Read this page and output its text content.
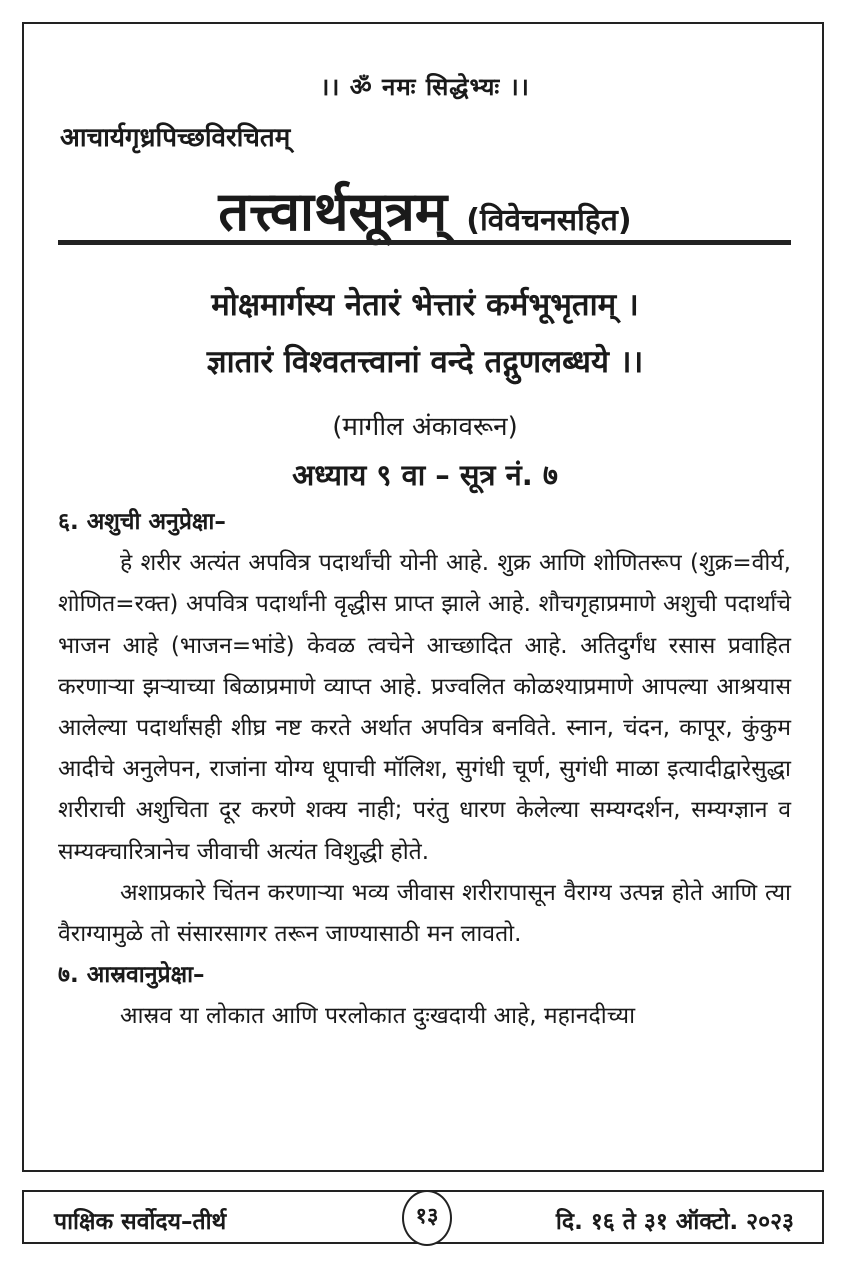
।। ॐ नमः सिद्धेभ्यः ।।
आचार्यगृध्रपिच्छविरचितम्
तत्त्वार्थसूत्रम् (विवेचनसहित)
मोक्षमार्गस्य नेतारं भेत्तारं कर्मभूभृताम् ।
ज्ञातारं विश्वतत्त्वानां वन्दे तद्गुणलब्धये ।।
(मागील अंकावरून)
अध्याय ९ वा – सूत्र नं. ७

६. अशुची अनुप्रेक्षा–

हे शरीर अत्यंत अपवित्र पदार्थांची योनी आहे. शुक्र आणि शोणितरूप (शुक्र=वीर्य, शोणित=रक्त) अपवित्र पदार्थांनी वृद्धीस प्राप्त झाले आहे. शौचगृहाप्रमाणे अशुची पदार्थांचे भाजन आहे (भाजन=भांडे) केवळ त्वचेने आच्छादित आहे. अतिदुर्गंध रसास प्रवाहित करणाऱ्या झऱ्याच्या बिळाप्रमाणे व्याप्त आहे. प्रज्वलित कोळश्याप्रमाणे आपल्या आश्रयास आलेल्या पदार्थांसही शीघ्र नष्ट करते अर्थात अपवित्र बनविते. स्नान, चंदन, कापूर, कुंकुम आदीचे अनुलेपन, राजांना योग्य धूपाची मॉलिश, सुगंधी चूर्ण, सुगंधी माळा इत्यादीद्वारेसुद्धा शरीराची अशुचिता दूर करणे शक्य नाही; परंतु धारण केलेल्या सम्यग्दर्शन, सम्यग्ज्ञान व सम्यक्चारित्रानेच जीवाची अत्यंत विशुद्धी होते.

अशाप्रकारे चिंतन करणाऱ्या भव्य जीवास शरीरापासून वैराग्य उत्पन्न होते आणि त्या वैराग्यामुळे तो संसारसागर तरून जाण्यासाठी मन लावतो.

७. आस्रवानुप्रेक्षा–

आस्रव या लोकात आणि परलोकात दुःखदायी आहे, महानदीच्या

पाक्षिक सर्वोदय–तीर्थ	१३	दि. १६ ते ३१ ऑक्टो. २०२३
